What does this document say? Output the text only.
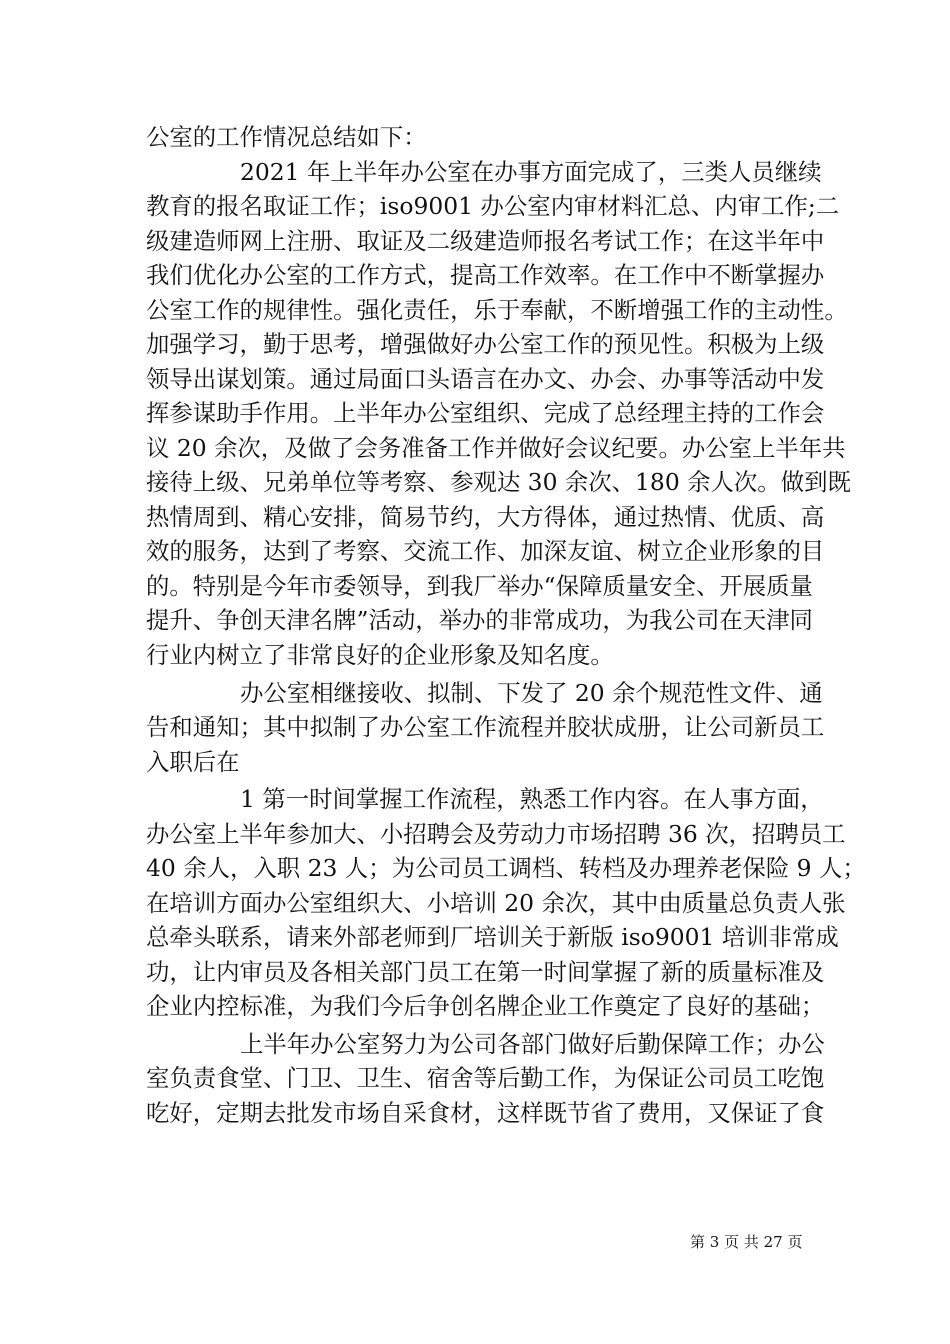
公室的工作情况总结如下：
2021 年上半年办公室在办事方面完成了，三类人员继续
教育的报名取证工作；iso9001 办公室内审材料汇总、内审工作;二
级建造师网上注册、取证及二级建造师报名考试工作；在这半年中
我们优化办公室的工作方式，提高工作效率。在工作中不断掌握办
公室工作的规律性。强化责任，乐于奉献，不断增强工作的主动性。
加强学习，勤于思考，增强做好办公室工作的预见性。积极为上级
领导出谋划策。通过局面口头语言在办文、办会、办事等活动中发
挥参谋助手作用。上半年办公室组织、完成了总经理主持的工作会
议 20 余次，及做了会务准备工作并做好会议纪要。办公室上半年共
接待上级、兄弟单位等考察、参观达 30 余次、180 余人次。做到既
热情周到、精心安排，简易节约，大方得体，通过热情、优质、高
效的服务，达到了考察、交流工作、加深友谊、树立企业形象的目
的。特别是今年市委领导，到我厂举办“保障质量安全、开展质量
提升、争创天津名牌”活动，举办的非常成功，为我公司在天津同
行业内树立了非常良好的企业形象及知名度。
办公室相继接收、拟制、下发了 20 余个规范性文件、通
告和通知；其中拟制了办公室工作流程并胶状成册，让公司新员工
入职后在
1 第一时间掌握工作流程，熟悉工作内容。在人事方面，
办公室上半年参加大、小招聘会及劳动力市场招聘 36 次，招聘员工
40 余人，入职 23 人；为公司员工调档、转档及办理养老保险 9 人；
在培训方面办公室组织大、小培训 20 余次，其中由质量总负责人张
总牵头联系，请来外部老师到厂培训关于新版 iso9001 培训非常成
功，让内审员及各相关部门员工在第一时间掌握了新的质量标准及
企业内控标准，为我们今后争创名牌企业工作奠定了良好的基础；
上半年办公室努力为公司各部门做好后勤保障工作；办公
室负责食堂、门卫、卫生、宿舍等后勤工作，为保证公司员工吃饱
吃好，定期去批发市场自采食材，这样既节省了费用，又保证了食
第 3 页 共 27 页
